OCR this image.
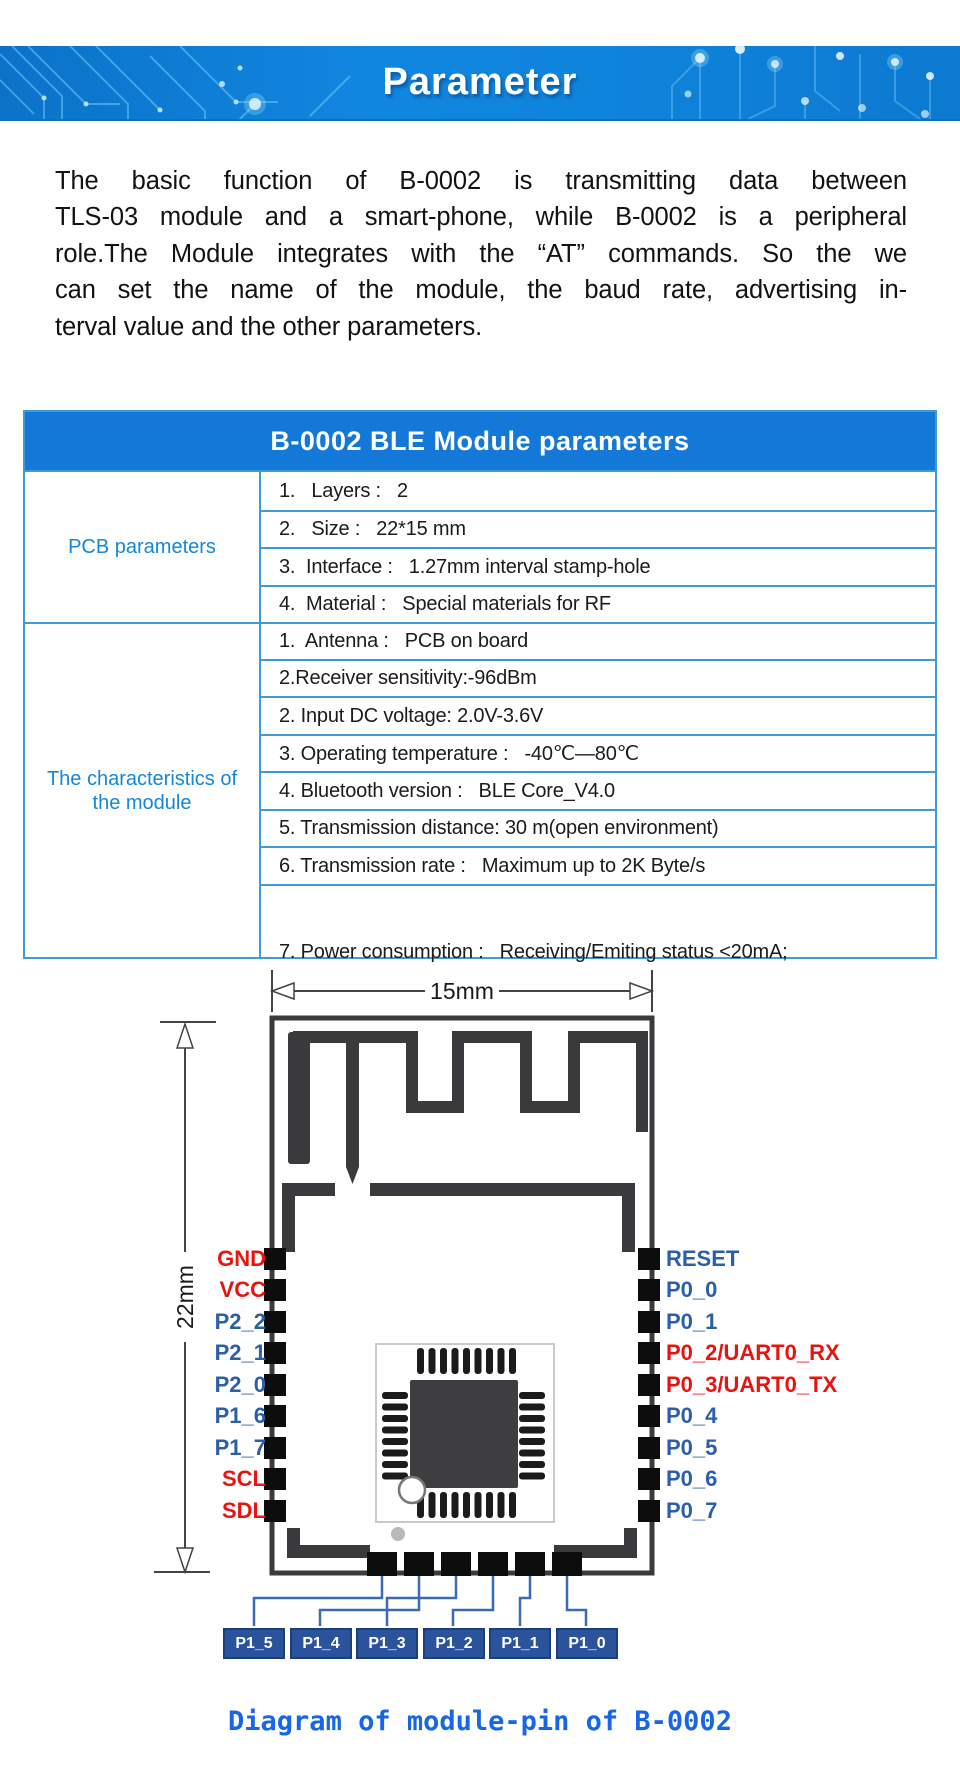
Parameter
The basic function of B-0002 is transmitting data between
TLS-03 module and a smart-phone, while B-0002 is a peripheral
role.The Module integrates with the “AT” commands. So the we
can set the name of the module, the baud rate, advertising in-
terval value and the other parameters.
B-0002 BLE Module parameters
PCB parameters
1.   Layers :   2
2.   Size :   22*15 mm
3.  Interface :   1.27mm interval stamp-hole
4.  Material :   Special materials for RF
The characteristics of
the module
1.  Antenna :   PCB on board
2.Receiver sensitivity:-96dBm
2. Input DC voltage: 2.0V-3.6V
3. Operating temperature :   -40℃—80℃
4. Bluetooth version :   BLE Core_V4.0
5. Transmission distance: 30 m(open environment)
6. Transmission rate :   Maximum up to 2K Byte/s

7. Power consumption :   Receiving/Emiting status <20mA;

15mm
22mm
GND
VCC
P2_2
P2_1
P2_0
P1_6
P1_7
SCL
SDL
RESET
P0_0
P0_1
P0_2/UART0_RX
P0_3/UART0_TX
P0_4
P0_5
P0_6
P0_7
P1_5	P1_4	P1_3	P1_2	P1_1	P1_0
Diagram of module-pin of B-0002
